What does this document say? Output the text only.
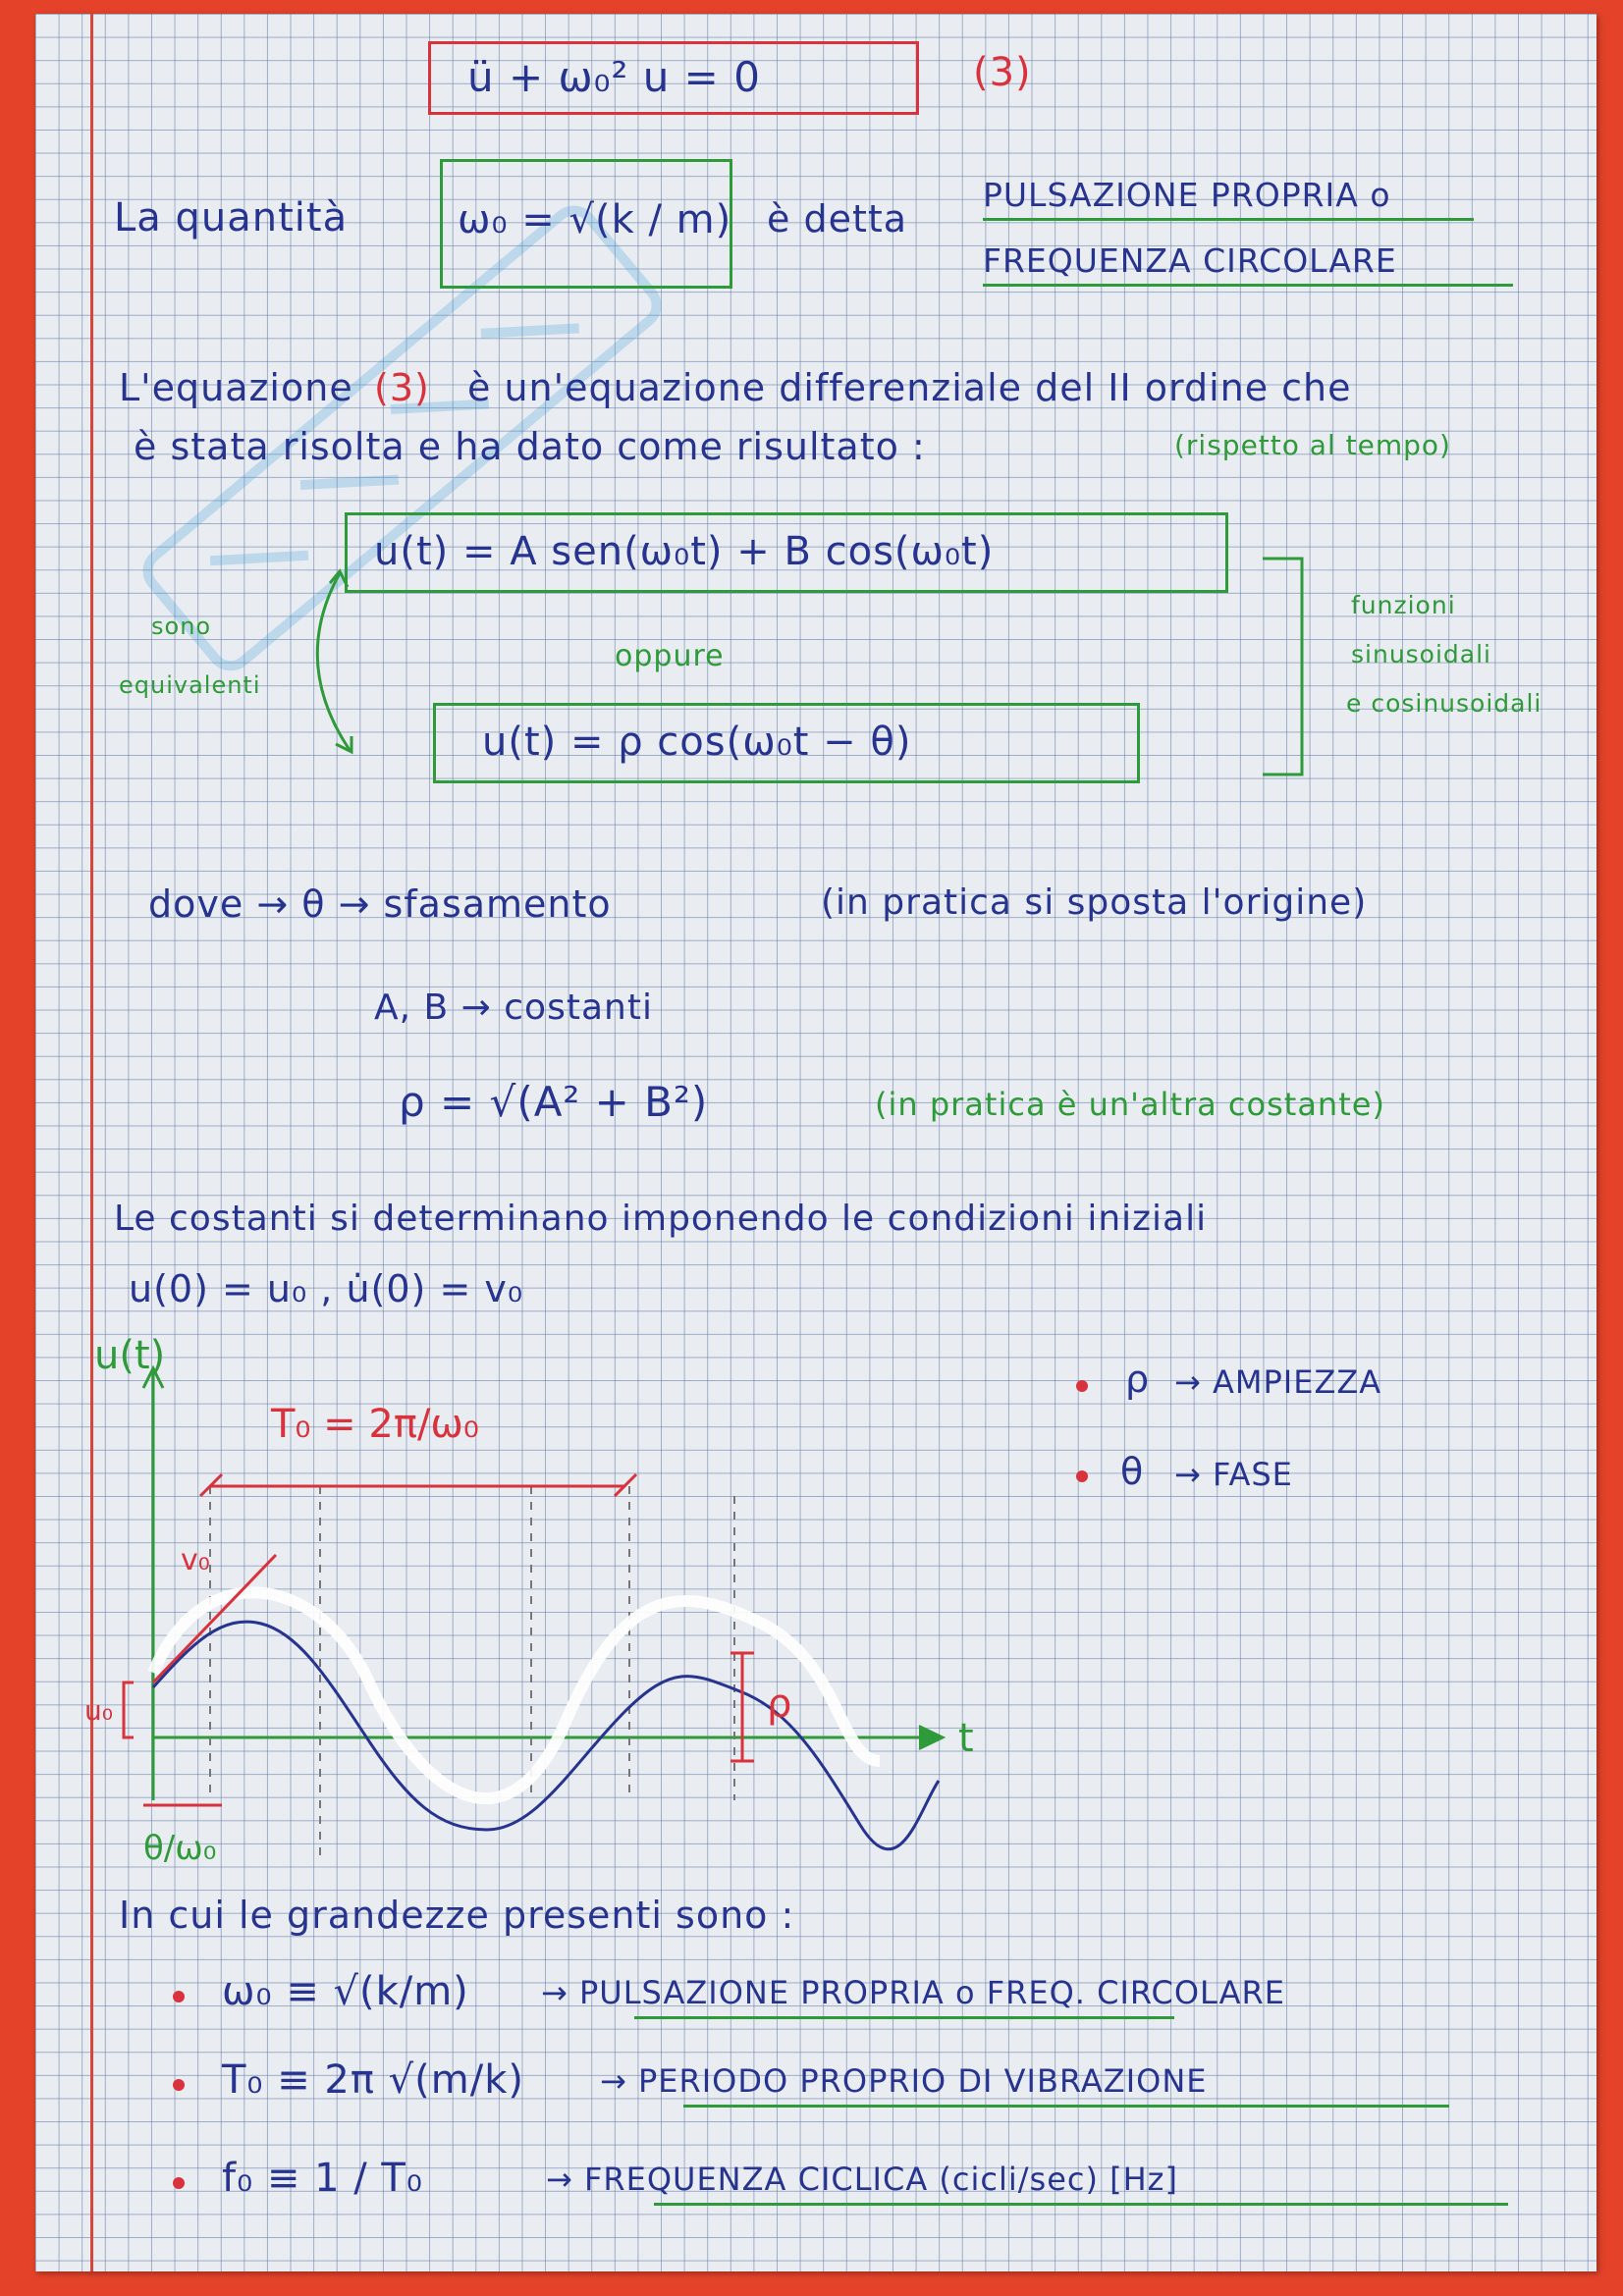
ü + ω₀² u = 0	(3)
La quantità	ω₀ = √(k / m) è detta
PULSAZIONE PROPRIA o
FREQUENZA CIRCOLARE
L'equazione (3) è un'equazione differenziale del II ordine che
è stata risolta e ha dato come risultato :	(rispetto al tempo)
u(t) = A sen(ω₀t) + B cos(ω₀t)
oppure
u(t) = ρ cos(ω₀t − θ)
sono
equivalenti
funzioni
sinusoidali
e cosinusoidali
dove → θ → sfasamento	(in pratica si sposta l'origine)
A, B → costanti
ρ = √(A² + B²)	(in pratica è un'altra costante)
Le costanti si determinano imponendo le condizioni iniziali
u(0) = u₀ , u̇(0) = v₀
T₀ = 2π/ω₀
v₀
u₀	ρ
θ/ω₀
u(t)
t
ρ → AMPIEZZA
θ → FASE
In cui le grandezze presenti sono :
ω₀ ≡ √(k/m) → PULSAZIONE PROPRIA o FREQ. CIRCOLARE
T₀ ≡ 2π √(m/k) → PERIODO PROPRIO DI VIBRAZIONE
f₀ ≡ 1 / T₀	→ FREQUENZA CICLICA (cicli/sec) [Hz]
